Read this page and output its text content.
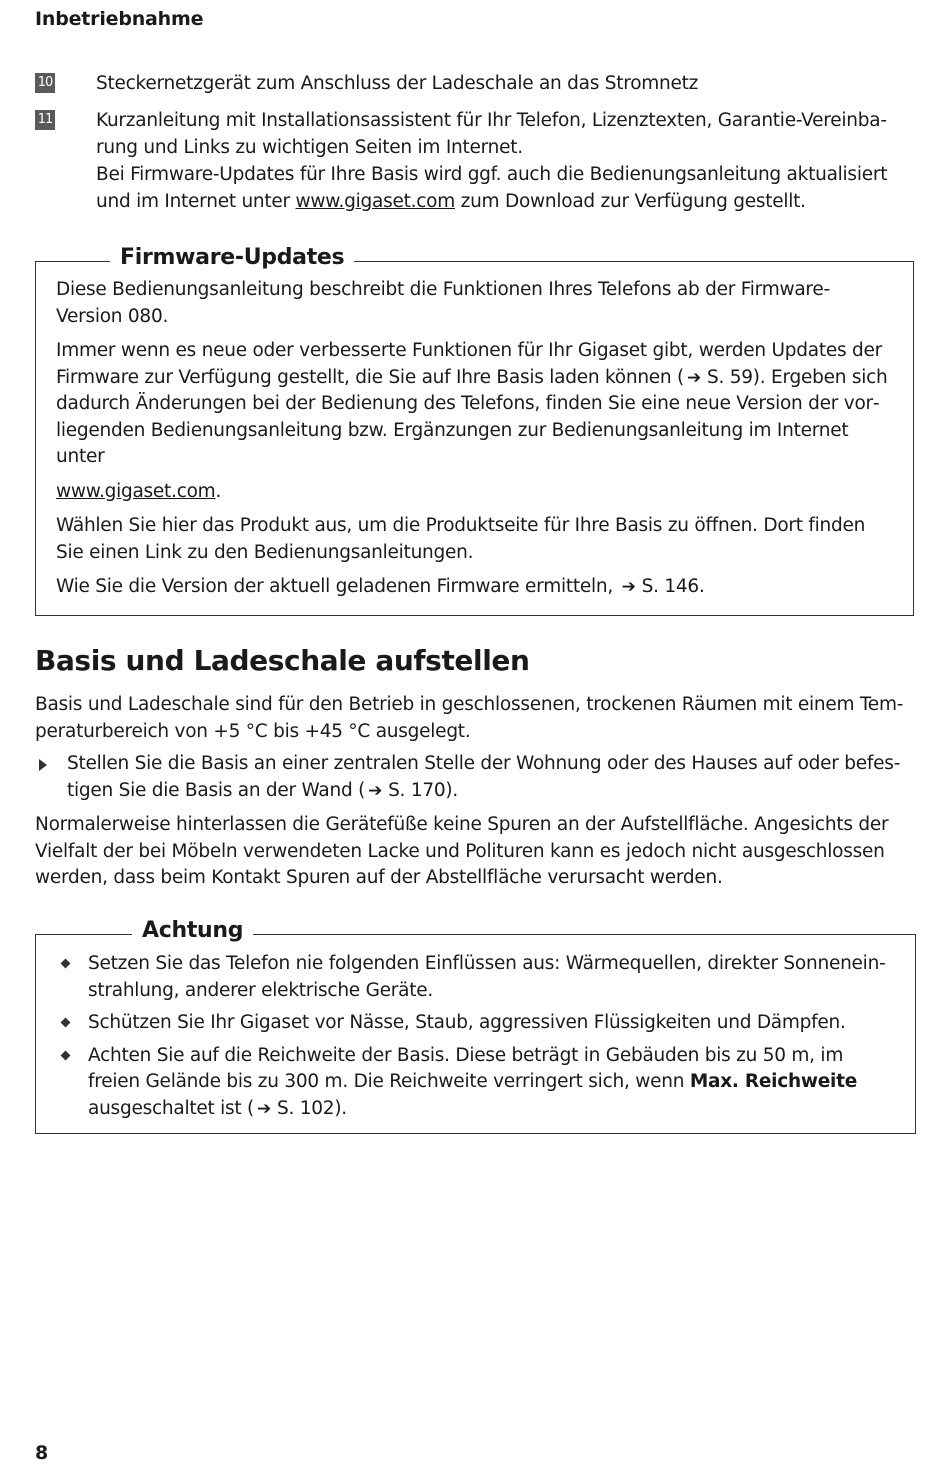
Inbetriebnahme
10 Steckernetzgerät zum Anschluss der Ladeschale an das Stromnetz

11 Kurzanleitung mit Installationsassistent für Ihr Telefon, Lizenztexten, Garantie-Vereinbarung und Links zu wichtigen Seiten im Internet.

Bei Firmware-Updates für Ihre Basis wird ggf. auch die Bedienungsanleitung aktualisiert und im Internet unter www.gigaset.com zum Download zur Verfügung gestellt.

Firmware-Updates

Diese Bedienungsanleitung beschreibt die Funktionen Ihres Telefons ab der Firmware-Version 080.

Immer wenn es neue oder verbesserte Funktionen für Ihr Gigaset gibt, werden Updates der Firmware zur Verfügung gestellt, die Sie auf Ihre Basis laden können ( ➔ S. 59). Ergeben sich dadurch Änderungen bei der Bedienung des Telefons, finden Sie eine neue Version der vorliegenden Bedienungsanleitung bzw. Ergänzungen zur Bedienungsanleitung im Internet unter

www.gigaset.com.

Wählen Sie hier das Produkt aus, um die Produktseite für Ihre Basis zu öffnen. Dort finden Sie einen Link zu den Bedienungsanleitungen.

Wie Sie die Version der aktuell geladenen Firmware ermitteln, ➔ S. 146.

Basis und Ladeschale aufstellen
Basis und Ladeschale sind für den Betrieb in geschlossenen, trockenen Räumen mit einem Temperaturbereich von +5 °C bis +45 °C ausgelegt.
Stellen Sie die Basis an einer zentralen Stelle der Wohnung oder des Hauses auf oder befestigen Sie die Basis an der Wand ( ➔ S. 170).
Normalerweise hinterlassen die Gerätefüße keine Spuren an der Aufstellfläche. Angesichts der Vielfalt der bei Möbeln verwendeten Lacke und Polituren kann es jedoch nicht ausgeschlossen werden, dass beim Kontakt Spuren auf der Abstellfläche verursacht werden.
Achtung
Setzen Sie das Telefon nie folgenden Einflüssen aus: Wärmequellen, direkter Sonneneinstrahlung, anderer elektrische Geräte.
Schützen Sie Ihr Gigaset vor Nässe, Staub, aggressiven Flüssigkeiten und Dämpfen.
Achten Sie auf die Reichweite der Basis. Diese beträgt in Gebäuden bis zu 50 m, im freien Gelände bis zu 300 m. Die Reichweite verringert sich, wenn Max. Reichweite ausgeschaltet ist ( ➔ S. 102).
8
